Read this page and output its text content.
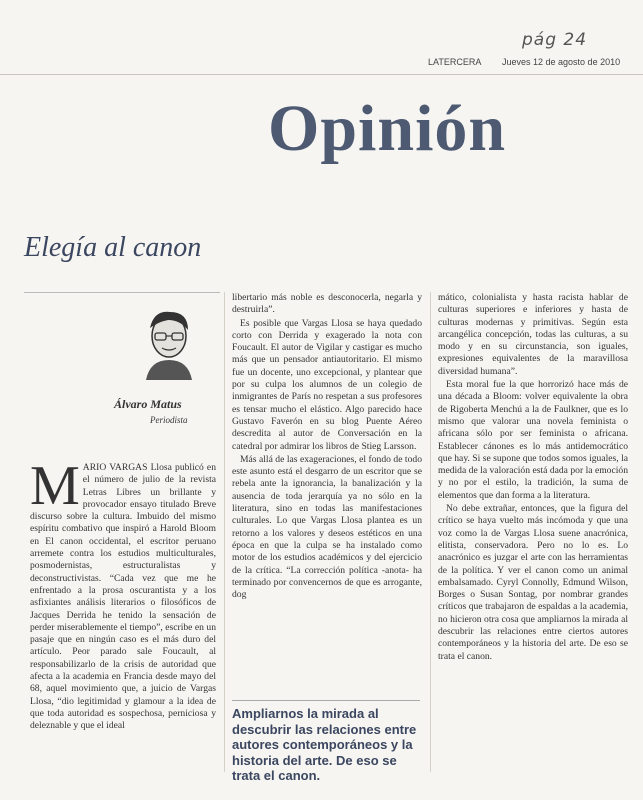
pág 24
LATERCERA Jueves 12 de agosto de 2010
Opinión
Elegía al canon
Álvaro Matus
Periodista
M ARIO VARGAS Llosa publicó en el número de julio de la revista Letras Libres un brillante y provocador ensayo titulado Breve discurso sobre la cultura. Imbuido del mismo espíritu combativo que inspiró a Harold Bloom en El canon occidental, el escritor peruano arremete contra los estudios multiculturales, posmodernistas, estructuralistas y deconstructivistas. “Cada vez que me he enfrentado a la prosa oscurantista y a los asfixiantes análisis literarios o filosóficos de Jacques Derrida he tenido la sensación de perder miserablemente el tiempo”, escribe en un pasaje que en ningún caso es el más duro del artículo. Peor parado sale Foucault, al responsabilizarlo de la crisis de autoridad que afecta a la academia en Francia desde mayo del 68, aquel movimiento que, a juicio de Vargas Llosa, “dio legitimidad y glamour a la idea de que toda autoridad es sospechosa, perniciosa y deleznable y que el ideal

libertario más noble es desconocerla, negarla y destruirla”.

Es posible que Vargas Llosa se haya quedado corto con Derrida y exagerado la nota con Foucault. El autor de Vigilar y castigar es mucho más que un pensador antiautoritario. El mismo fue un docente, uno excepcional, y plantear que por su culpa los alumnos de un colegio de inmigrantes de París no respetan a sus profesores es tensar mucho el elástico. Algo parecido hace Gustavo Faverón en su blog Puente Aéreo descredita al autor de Conversación en la catedral por admirar los libros de Stieg Larsson.

Más allá de las exageraciones, el fondo de todo este asunto está el desgarro de un escritor que se rebela ante la ignorancia, la banalización y la ausencia de toda jerarquía ya no sólo en la literatura, sino en todas las manifestaciones culturales. Lo que Vargas Llosa plantea es un retorno a los valores y deseos estéticos en una época en que la culpa se ha instalado como motor de los estudios académicos y del ejercicio de la crítica. “La corrección política -anota- ha terminado por convencernos de que es arrogante, dog

Ampliarnos la mirada al descubrir las relaciones entre autores contemporáneos y la historia del arte. De eso se trata el canon.

mático, colonialista y hasta racista hablar de culturas superiores e inferiores y hasta de culturas modernas y primitivas. Según esta arcangélica concepción, todas las culturas, a su modo y en su circunstancia, son iguales, expresiones equivalentes de la maravillosa diversidad humana”.

Esta moral fue la que horrorizó hace más de una década a Bloom: volver equivalente la obra de Rigoberta Menchú a la de Faulkner, que es lo mismo que valorar una novela feminista o africana sólo por ser feminista o africana. Establecer cánones es lo más antidemocrático que hay. Si se supone que todos somos iguales, la medida de la valoración está dada por la emoción y no por el estilo, la tradición, la suma de elementos que dan forma a la literatura.

No debe extrañar, entonces, que la figura del crítico se haya vuelto más incómoda y que una voz como la de Vargas Llosa suene anacrónica, elitista, conservadora. Pero no lo es. Lo anacrónico es juzgar el arte con las herramientas de la política. Y ver el canon como un animal embalsamado. Cyryl Connolly, Edmund Wilson, Borges o Susan Sontag, por nombrar grandes críticos que trabajaron de espaldas a la academia, no hicieron otra cosa que ampliarnos la mirada al descubrir las relaciones entre ciertos autores contemporáneos y la historia del arte. De eso se trata el canon.
